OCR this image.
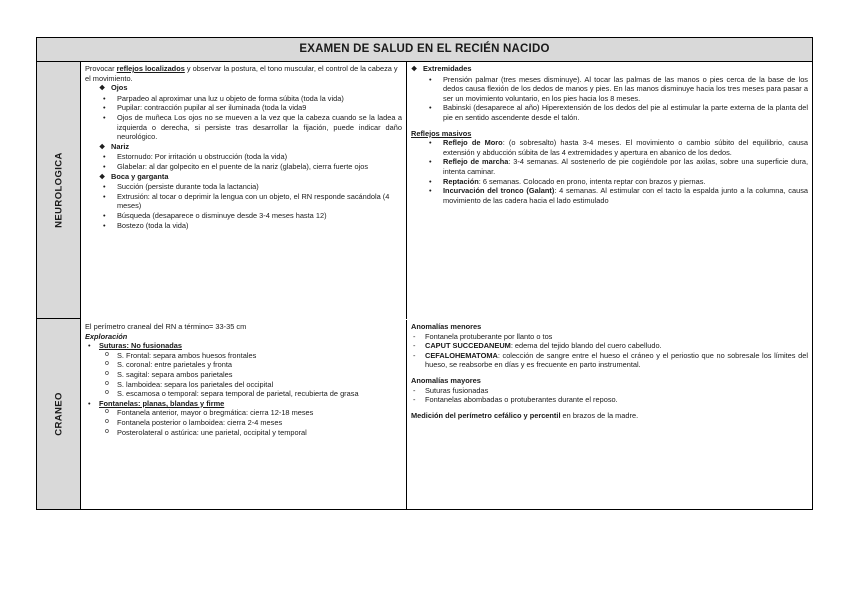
EXAMEN DE SALUD EN EL RECIÉN NACIDO
NEUROLOGICA

Provocar reflejos localizados y observar la postura, el tono muscular, el control de la cabeza y el movimiento.

❖ Ojos

• Parpadeo al aproximar una luz u objeto de forma súbita (toda la vida)

• Pupilar: contracción pupilar al ser iluminada (toda la vida9

• Ojos de muñeca Los ojos no se mueven a la vez que la cabeza cuando se la ladea a izquierda o derecha, si persiste tras desarrollar la fijación, puede indicar daño neurológico.

❖ Nariz

• Estornudo: Por irritación u obstrucción (toda la vida)

• Glabelar: al dar golpecito en el puente de la nariz (glabela), cierra fuerte ojos

❖ Boca y garganta

• Succión (persiste durante toda la lactancia)

• Extrusión: al tocar o deprimir la lengua con un objeto, el RN responde sacándola (4 meses)

• Búsqueda (desaparece o disminuye desde 3-4 meses hasta 12)

• Bostezo (toda la vida)

❖ Extremidades

• Prensión palmar (tres meses disminuye). Al tocar las palmas de las manos o pies cerca de la base de los dedos causa flexión de los dedos de manos y pies. En las manos disminuye hacia los tres meses para pasar a ser un movimiento voluntario, en los pies hacia los 8 meses.

• Babinski (desaparece al año) Hiperextensión de los dedos del pie al estimular la parte externa de la planta del pie en sentido ascendente desde el talón.

Reflejos masivos

• Reflejo de Moro: (o sobresalto) hasta 3-4 meses. El movimiento o cambio súbito del equilibrio, causa extensión y abducción súbita de las 4 extremidades y apertura en abanico de los dedos.

• Reflejo de marcha: 3-4 semanas. Al sostenerlo de pie cogiéndole por las axilas, sobre una superficie dura, intenta caminar.

• Reptación: 6 semanas. Colocado en prono, intenta reptar con brazos y piernas.

• Incurvación del tronco (Galant): 4 semanas. Al estimular con el tacto la espalda junto a la columna, causa movimiento de las cadera hacia el lado estimulado

CRANEO

El perímetro craneal del RN a término= 33-35 cm

Exploración

• Suturas: No fusionadas

o S. Frontal: separa ambos huesos frontales

o S. coronal: entre parietales y fronta

o S. sagital: separa ambos parietales

o S. lamboidea: separa los parietales del occipital

o S. escamosa o temporal: separa temporal de parietal, recubierta de grasa

• Fontanelas: planas, blandas y firme

o Fontanela anterior, mayor o bregmática: cierra 12-18 meses

o Fontanela posterior o lamboidea: cierra 2-4 meses

o Posterolateral o astúrica: une parietal, occipital y temporal

Anomalías menores

- Fontanela protuberante por llanto o tos

- CAPUT SUCCEDANEUM: edema del tejido blando del cuero cabelludo.

- CEFALOHEMATOMA: colección de sangre entre el hueso el cráneo y el periostio que no sobresale los límites del hueso, se reabsorbe en días y es frecuente en parto instrumental.

Anomalías mayores

- Suturas fusionadas

- Fontanelas abombadas o protuberantes durante el reposo.

Medición del perímetro cefálico y percentil en brazos de la madre.
